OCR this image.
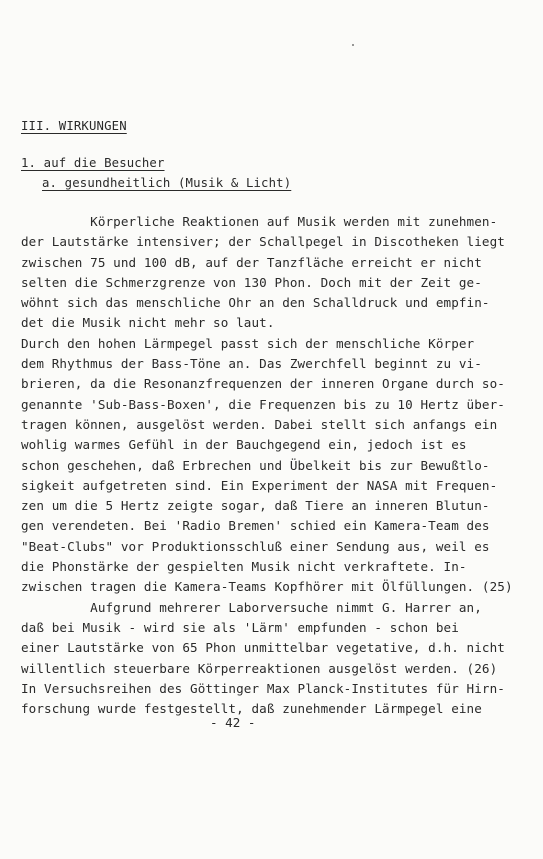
III. WIRKUNGEN
1. auf die Besucher
a. gesundheitlich (Musik & Licht)
Körperliche Reaktionen auf Musik werden mit zunehmen-
der Lautstärke intensiver; der Schallpegel in Discotheken liegt
zwischen 75 und 100 dB, auf der Tanzfläche erreicht er nicht
selten die Schmerzgrenze von 130 Phon. Doch mit der Zeit ge-
wöhnt sich das menschliche Ohr an den Schalldruck und empfin-
det die Musik nicht mehr so laut.
Durch den hohen Lärmpegel passt sich der menschliche Körper
dem Rhythmus der Bass-Töne an. Das Zwerchfell beginnt zu vi-
brieren, da die Resonanzfrequenzen der inneren Organe durch so-
genannte 'Sub-Bass-Boxen', die Frequenzen bis zu 10 Hertz über-
tragen können, ausgelöst werden. Dabei stellt sich anfangs ein
wohlig warmes Gefühl in der Bauchgegend ein, jedoch ist es
schon geschehen, daß Erbrechen und Übelkeit bis zur Bewußtlo-
sigkeit aufgetreten sind. Ein Experiment der NASA mit Frequen-
zen um die 5 Hertz zeigte sogar, daß Tiere an inneren Blutun-
gen verendeten. Bei 'Radio Bremen' schied ein Kamera-Team des
"Beat-Clubs" vor Produktionsschluß einer Sendung aus, weil es
die Phonstärke der gespielten Musik nicht verkraftete. In-
zwischen tragen die Kamera-Teams Kopfhörer mit Ölfüllungen. (25)
Aufgrund mehrerer Laborversuche nimmt G. Harrer an,
daß bei Musik - wird sie als 'Lärm' empfunden - schon bei
einer Lautstärke von 65 Phon unmittelbar vegetative, d.h. nicht
willentlich steuerbare Körperreaktionen ausgelöst werden. (26)
In Versuchsreihen des Göttinger Max Planck-Institutes für Hirn-
forschung wurde festgestellt, daß zunehmender Lärmpegel eine
- 42 -
